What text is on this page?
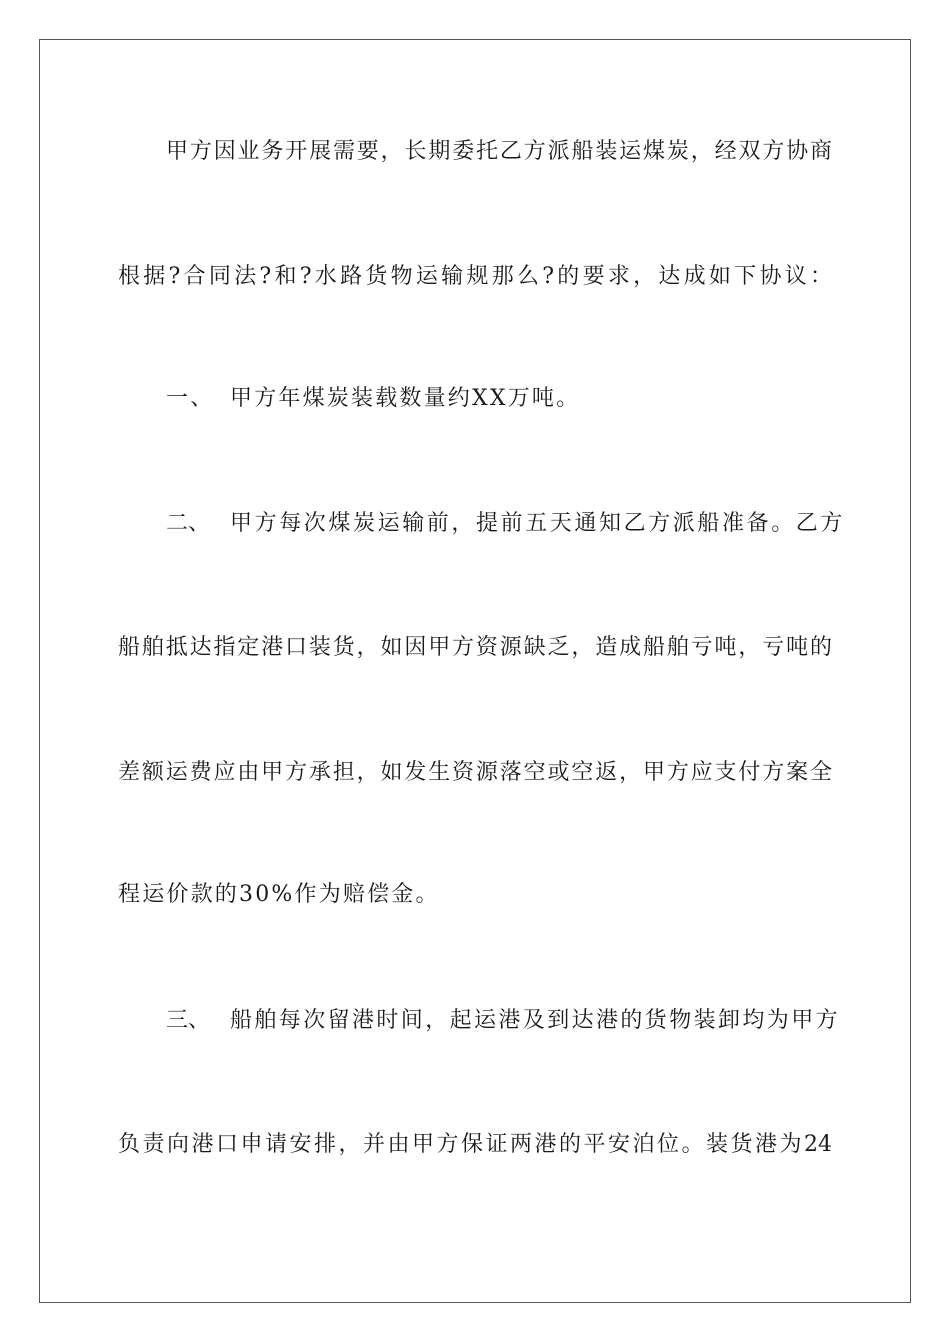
甲方因业务开展需要，长期委托乙方派船装运煤炭，经双方协商
根据?合同法?和?水路货物运输规那么?的要求，达成如下协议：
一、 甲方年煤炭装载数量约XX万吨。
二、 甲方每次煤炭运输前，提前五天通知乙方派船准备。乙方
船舶抵达指定港口装货，如因甲方资源缺乏，造成船舶亏吨，亏吨的
差额运费应由甲方承担，如发生资源落空或空返，甲方应支付方案全
程运价款的30%作为赔偿金。
三、 船舶每次留港时间，起运港及到达港的货物装卸均为甲方
负责向港口申请安排，并由甲方保证两港的平安泊位。装货港为24
